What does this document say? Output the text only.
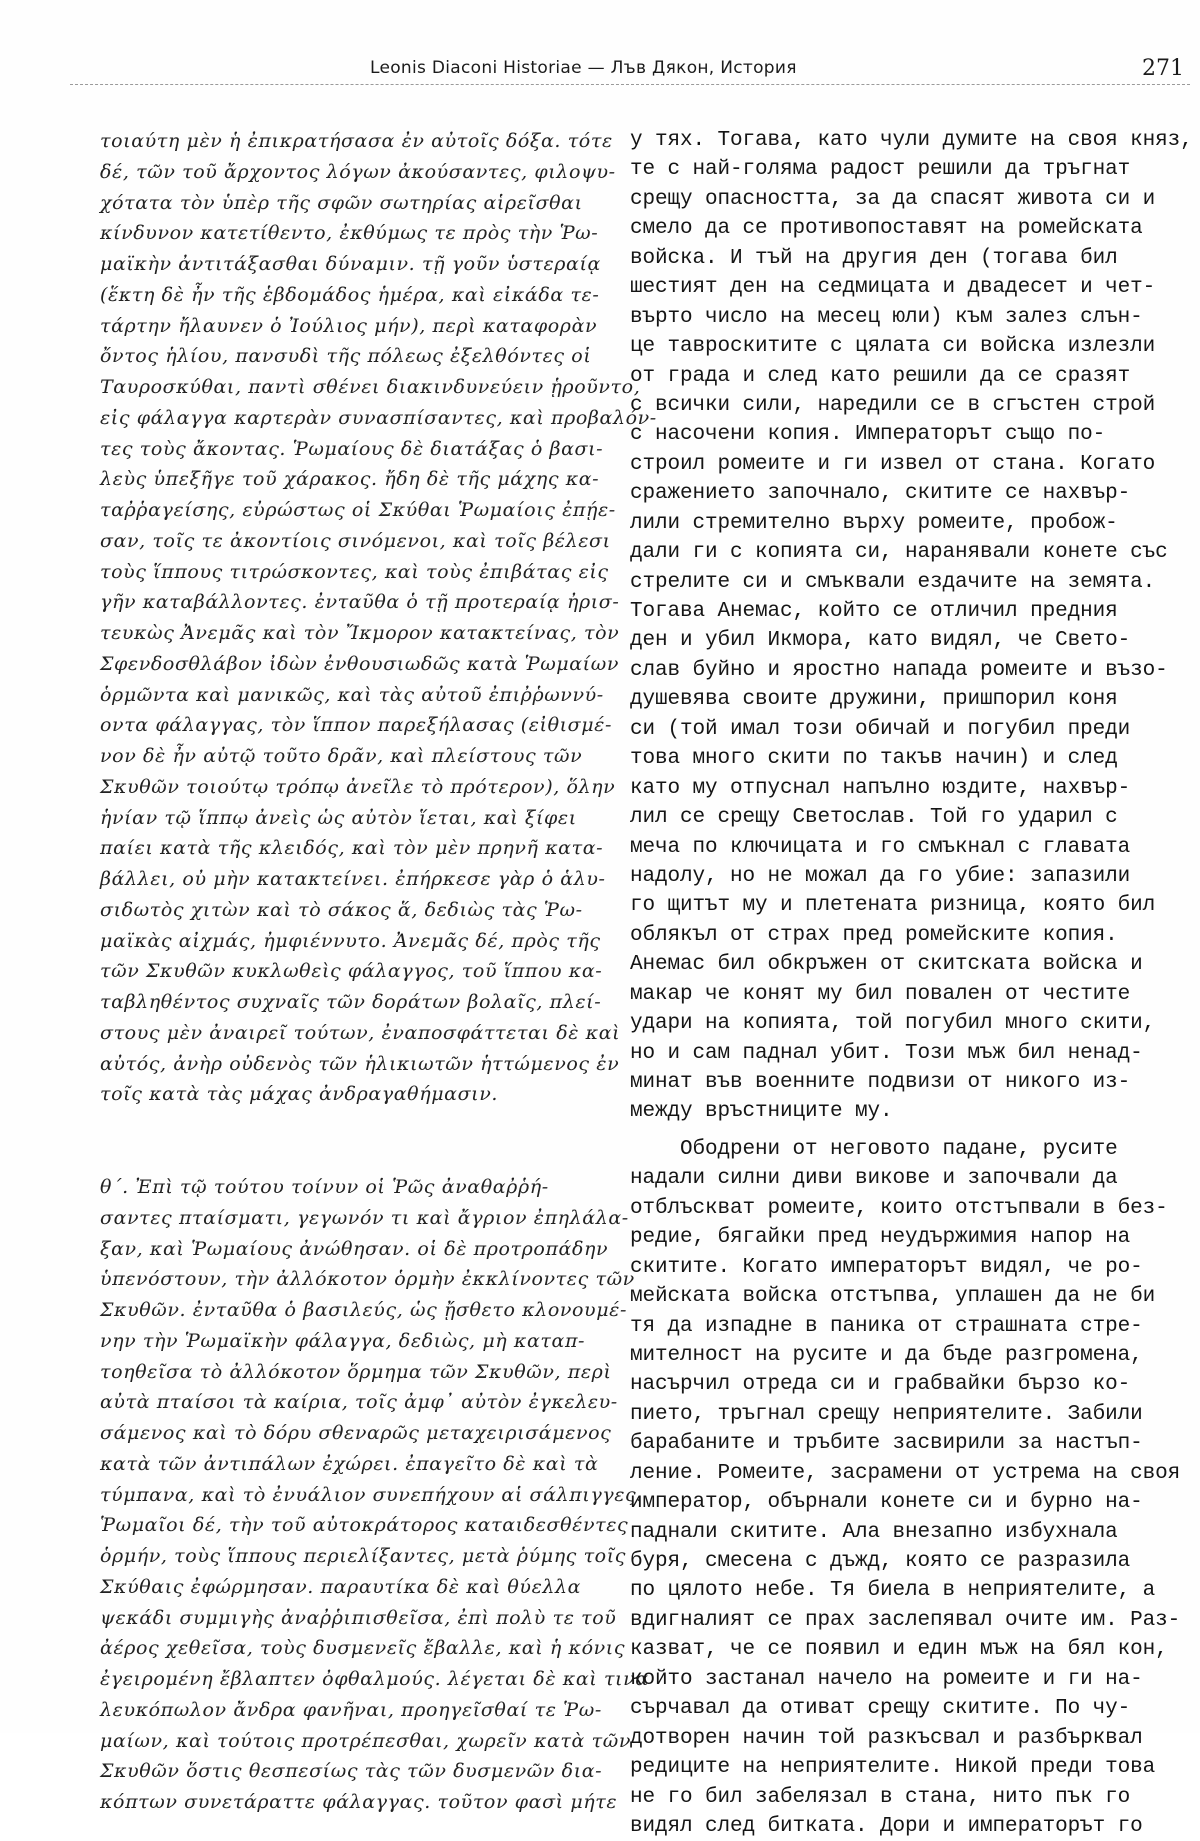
Leonis Diaconi Historiae — Лъв Дякон, История	271
τοιαύτη μὲν ἡ ἐπικρατήσασα ἐν αὐτοῖς δόξα. τότε
δέ, τῶν τοῦ ἄρχοντος λόγων ἀκούσαντες, φιλοψυ-
χότατα τὸν ὑπὲρ τῆς σφῶν σωτηρίας αἱρεῖσθαι
κίνδυνον κατετίθεντο, ἐκθύμως τε πρὸς τὴν Ῥω-
μαϊκὴν ἀντιτάξασθαι δύναμιν. τῇ γοῦν ὑστεραίᾳ
(ἕκτη δὲ ἦν τῆς ἑβδομάδος ἡμέρα, καὶ εἰκάδα τε-
τάρτην ἤλαυνεν ὁ Ἰούλιος μήν), περὶ καταφορὰν
ὄντος ἡλίου, πανσυδὶ τῆς πόλεως ἐξελθόντες οἱ
Ταυροσκύθαι, παντὶ σθένει διακινδυνεύειν ᾑροῦντο,
εἰς φάλαγγα καρτερὰν συνασπίσαντες, καὶ προβαλόν-
τες τοὺς ἄκοντας. Ῥωμαίους δὲ διατάξας ὁ βασι-
λεὺς ὑπεξῆγε τοῦ χάρακος. ἤδη δὲ τῆς μάχης κα-
ταῤῥαγείσης, εὐρώστως οἱ Σκύθαι Ῥωμαίοις ἐπῄε-
σαν, τοῖς τε ἀκοντίοις σινόμενοι, καὶ τοῖς βέλεσι
τοὺς ἵππους τιτρώσκοντες, καὶ τοὺς ἐπιβάτας εἰς
γῆν καταβάλλοντες. ἐνταῦθα ὁ τῇ προτεραίᾳ ἠρισ-
τευκὼς Ἀνεμᾶς καὶ τὸν Ἴκμορον κατακτείνας, τὸν
Σφενδοσθλάβον ἰδὼν ἐνθουσιωδῶς κατὰ Ῥωμαίων
ὁρμῶντα καὶ μανικῶς, καὶ τὰς αὐτοῦ ἐπιῤῥωννύ-
οντα φάλαγγας, τὸν ἵππον παρεξήλασας (εἰθισμέ-
νον δὲ ἦν αὐτῷ τοῦτο δρᾶν, καὶ πλείστους τῶν
Σκυθῶν τοιούτῳ τρόπῳ ἀνεῖλε τὸ πρότερον), ὅλην
ἡνίαν τῷ ἵππῳ ἀνεὶς ὡς αὐτὸν ἵεται, καὶ ξίφει
παίει κατὰ τῆς κλειδός, καὶ τὸν μὲν πρηνῆ κατα-
βάλλει, οὐ μὴν κατακτείνει. ἐπήρκεσε γὰρ ὁ ἁλυ-
σιδωτὸς χιτὼν καὶ τὸ σάκος ἅ, δεδιὼς τὰς Ῥω-
μαϊκὰς αἰχμάς, ἠμφιέννυτο. Ἀνεμᾶς δέ, πρὸς τῆς
τῶν Σκυθῶν κυκλωθεὶς φάλαγγος, τοῦ ἵππου κα-
ταβληθέντος συχναῖς τῶν δοράτων βολαῖς, πλεί-
στους μὲν ἀναιρεῖ τούτων, ἐναποσφάττεται δὲ καὶ
αὐτός, ἀνὴρ οὐδενὸς τῶν ἡλικιωτῶν ἡττώμενος ἐν
τοῖς κατὰ τὰς μάχας ἀνδραγαθήμασιν.
θ΄. Ἐπὶ τῷ τούτου τοίνυν οἱ Ῥῶς ἀναθαῤῥή-
σαντες πταίσματι, γεγωνόν τι καὶ ἄγριον ἐπηλάλα-
ξαν, καὶ Ῥωμαίους ἀνώθησαν. οἱ δὲ προτροπάδην
ὑπενόστουν, τὴν ἀλλόκοτον ὁρμὴν ἐκκλίνοντες τῶν
Σκυθῶν. ἐνταῦθα ὁ βασιλεύς, ὡς ᾔσθετο κλονουμέ-
νην τὴν Ῥωμαϊκὴν φάλαγγα, δεδιὼς, μὴ καταπ-
τοηθεῖσα τὸ ἀλλόκοτον ὅρμημα τῶν Σκυθῶν, περὶ
αὐτὰ πταίσοι τὰ καίρια, τοῖς ἀμφ᾿ αὐτὸν ἐγκελευ-
σάμενος καὶ τὸ δόρυ σθεναρῶς μεταχειρισάμενος
κατὰ τῶν ἀντιπάλων ἐχώρει. ἐπαγεῖτο δὲ καὶ τὰ
τύμπανα, καὶ τὸ ἐνυάλιον συνεπήχουν αἱ σάλπιγγες.
Ῥωμαῖοι δέ, τὴν τοῦ αὐτοκράτορος καταιδεσθέντες
ὁρμήν, τοὺς ἵππους περιελίξαντες, μετὰ ῥύμης τοῖς
Σκύθαις ἐφώρμησαν. παραυτίκα δὲ καὶ θύελλα
ψεκάδι συμμιγὴς ἀναῤῥιπισθεῖσα, ἐπὶ πολὺ τε τοῦ
ἀέρος χεθεῖσα, τοὺς δυσμενεῖς ἔβαλλε, καὶ ἡ κόνις
ἐγειρομένη ἔβλαπτεν ὀφθαλμούς. λέγεται δὲ καὶ τινα
λευκόπωλον ἄνδρα φανῆναι, προηγεῖσθαί τε Ῥω-
μαίων, καὶ τούτοις προτρέπεσθαι, χωρεῖν κατὰ τῶν
Σκυθῶν ὅστις θεσπεσίως τὰς τῶν δυσμενῶν δια-
κόπτων συνετάραττε φάλαγγας. τοῦτον φασὶ μήτε
у тях. Тогава, като чули думите на своя княз,
те с най-голяма радост решили да тръгнат
срещу опасността, за да спасят живота си и
смело да се противопоставят на ромейската
войска. И тъй на другия ден (тогава бил
шестият ден на седмицата и двадесет и чет-
върто число на месец юли) към залез слън-
це тавроскитите с цялата си войска излезли
от града и след като решили да се сразят
с всички сили, наредили се в сгъстен строй
с насочени копия. Императорът също по-
строил ромеите и ги извел от стана. Когато
сражението започнало, скитите се нахвър-
лили стремително върху ромеите, пробож-
дали ги с копията си, наранявали конете със
стрелите си и смъквали ездачите на земята.
Тогава Анемас, който се отличил предния
ден и убил Икмора, като видял, че Свето-
слав буйно и яростно напада ромеите и възо-
душевява своите дружини, пришпорил коня
си (той имал този обичай и погубил преди
това много скити по такъв начин) и след
като му отпуснал напълно юздите, нахвър-
лил се срещу Светослав. Той го ударил с
меча по ключицата и го смъкнал с главата
надолу, но не можал да го убие: запазили
го щитът му и плетената ризница, която бил
облякъл от страх пред ромейските копия.
Анемас бил обкръжен от скитската войска и
макар че конят му бил повален от честите
удари на копията, той погубил много скити,
но и сам паднал убит. Този мъж бил ненад-
минат във военните подвизи от никого из-
между връстниците му.
Ободрени от неговото падане, русите
надали силни диви викове и започвали да
отблъскват ромеите, които отстъпвали в без-
редие, бягайки пред неудържимия напор на
скитите. Когато императорът видял, че ро-
мейската войска отстъпва, уплашен да не би
тя да изпадне в паника от страшната стре-
мителност на русите и да бъде разгромена,
насърчил отреда си и грабвайки бързо ко-
пието, тръгнал срещу неприятелите. Забили
барабаните и тръбите засвирили за настъп-
ление. Ромеите, засрамени от устрема на своя
император, обърнали конете си и бурно на-
паднали скитите. Ала внезапно избухнала
буря, смесена с дъжд, която се разразила
по цялото небе. Тя биела в неприятелите, а
вдигналият се прах заслепявал очите им. Раз-
казват, че се появил и един мъж на бял кон,
който застанал начело на ромеите и ги на-
сърчавал да отиват срещу скитите. По чу-
дотворен начин той разкъсвал и разбърквал
редиците на неприятелите. Никой преди това
не го бил забелязал в стана, нито пък го
видял след битката. Дори и императорът го
